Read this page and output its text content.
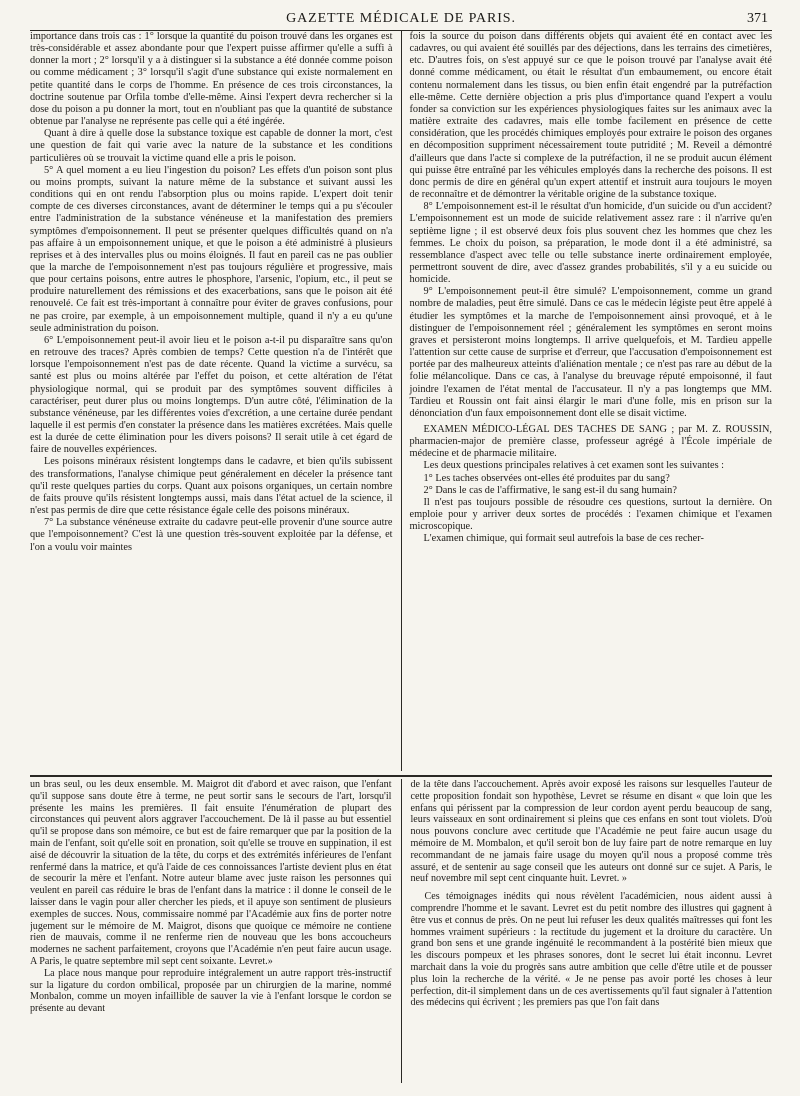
GAZETTE MÉDICALE DE PARIS.	371

importance dans trois cas : 1° lorsque la quantité du poison trouvé dans les organes est très-considérable et assez abondante pour que l'expert puisse affirmer qu'elle a suffi à donner la mort ; 2° lorsqu'il y a à distinguer si la substance a été donnée comme poison ou comme médicament ; 3° lorsqu'il s'agit d'une substance qui existe normalement en petite quantité dans le corps de l'homme. En présence de ces trois circonstances, la doctrine soutenue par Orfila tombe d'elle-même. Ainsi l'expert devra rechercher si la dose du poison a pu donner la mort, tout en n'oubliant pas que la quantité de substance obtenue par l'analyse ne représente pas celle qui a été ingérée.

Quant à dire à quelle dose la substance toxique est capable de donner la mort, c'est une question de fait qui varie avec la nature de la substance et les conditions particulières où se trouvait la victime quand elle a pris le poison.

5° A quel moment a eu lieu l'ingestion du poison? Les effets d'un poison sont plus ou moins prompts, suivant la nature même de la substance et suivant aussi les conditions qui en ont rendu l'absorption plus ou moins rapide. L'expert doit tenir compte de ces diverses circonstances, avant de déterminer le temps qui a pu s'écouler entre l'administration de la substance vénéneuse et la manifestation des premiers symptômes d'empoisonnement. Il peut se présenter quelques difficultés quand on n'a pas affaire à un empoisonnement unique, et que le poison a été administré à plusieurs reprises et à des intervalles plus ou moins éloignés. Il faut en pareil cas ne pas oublier que la marche de l'empoisonnement n'est pas toujours régulière et progressive, mais que pour certains poisons, entre autres le phosphore, l'arsenic, l'opium, etc., il peut se produire naturellement des rémissions et des exacerbations, sans que le poison ait été renouvelé. Ce fait est très-important à connaître pour éviter de graves confusions, pour ne pas croire, par exemple, à un empoisonnement multiple, quand il n'y a eu qu'une seule administration du poison.

6° L'empoisonnement peut-il avoir lieu et le poison a-t-il pu disparaître sans qu'on en retrouve des traces? Après combien de temps? Cette question n'a de l'intérêt que lorsque l'empoisonnement n'est pas de date récente. Quand la victime a survécu, sa santé est plus ou moins altérée par l'effet du poison, et cette altération de l'état physiologique normal, qui se produit par des symptômes souvent difficiles à caractériser, peut durer plus ou moins longtemps. D'un autre côté, l'élimination de la substance vénéneuse, par les différentes voies d'excrétion, a une certaine durée pendant laquelle il est permis d'en constater la présence dans les matières excrétées. Mais quelle est la durée de cette élimination pour les divers poisons? Il serait utile à cet égard de faire de nouvelles expériences.

Les poisons minéraux résistent longtemps dans le cadavre, et bien qu'ils subissent des transformations, l'analyse chimique peut généralement en déceler la présence tant qu'il reste quelques parties du corps. Quant aux poisons organiques, un certain nombre de faits prouve qu'ils résistent longtemps aussi, mais dans l'état actuel de la science, il n'est pas permis de dire que cette résistance égale celle des poisons minéraux.

7° La substance vénéneuse extraite du cadavre peut-elle provenir d'une source autre que l'empoisonnement? C'est là une question très-souvent exploitée par la défense, et l'on a voulu voir maintes

fois la source du poison dans différents objets qui avaient été en contact avec les cadavres, ou qui avaient été souillés par des déjections, dans les terrains des cimetières, etc. D'autres fois, on s'est appuyé sur ce que le poison trouvé par l'analyse avait été donné comme médicament, ou était le résultat d'un embaumement, ou encore était contenu normalement dans les tissus, ou bien enfin était engendré par la putréfaction elle-même. Cette dernière objection a pris plus d'importance quand l'expert a voulu fonder sa conviction sur les expériences physiologiques faites sur les animaux avec la matière extraite des cadavres, mais elle tombe facilement en présence de cette considération, que les procédés chimiques employés pour extraire le poison des organes en décomposition suppriment nécessairement toute putridité ; M. Reveil a démontré d'ailleurs que dans l'acte si complexe de la putréfaction, il ne se produit aucun élément qui puisse être entraîné par les véhicules employés dans la recherche des poisons. Il est donc permis de dire en général qu'un expert attentif et instruit aura toujours le moyen de reconnaître et de démontrer la véritable origine de la substance toxique.

8° L'empoisonnement est-il le résultat d'un homicide, d'un suicide ou d'un accident? L'empoisonnement est un mode de suicide relativement assez rare : il n'arrive qu'en septième ligne ; il est observé deux fois plus souvent chez les hommes que chez les femmes. Le choix du poison, sa préparation, le mode dont il a été administré, sa ressemblance d'aspect avec telle ou telle substance inerte ordinairement employée, permettront souvent de dire, avec d'assez grandes probabilités, s'il y a eu suicide ou homicide.

9° L'empoisonnement peut-il être simulé? L'empoisonnement, comme un grand nombre de maladies, peut être simulé. Dans ce cas le médecin légiste peut être appelé à étudier les symptômes et la marche de l'empoisonnement ainsi provoqué, et à le distinguer de l'empoisonnement réel ; généralement les symptômes en seront moins graves et persisteront moins longtemps. Il arrive quelquefois, et M. Tardieu appelle l'attention sur cette cause de surprise et d'erreur, que l'accusation d'empoisonnement est portée par des malheureux atteints d'aliénation mentale ; ce n'est pas rare au début de la folie mélancolique. Dans ce cas, à l'analyse du breuvage réputé empoisonné, il faut joindre l'examen de l'état mental de l'accusateur. Il n'y a pas longtemps que MM. Tardieu et Roussin ont fait ainsi élargir le mari d'une folle, mis en prison sur la dénonciation d'un faux empoisonnement dont elle se disait victime.

EXAMEN MÉDICO-LÉGAL DES TACHES DE SANG ; par M. Z. ROUSSIN, pharmacien-major de première classe, professeur agrégé à l'École impériale de médecine et de pharmacie militaire.

Les deux questions principales relatives à cet examen sont les suivantes :

1° Les taches observées ont-elles été produites par du sang?

2° Dans le cas de l'affirmative, le sang est-il du sang humain?

Il n'est pas toujours possible de résoudre ces questions, surtout la dernière. On emploie pour y arriver deux sortes de procédés : l'examen chimique et l'examen microscopique.

L'examen chimique, qui formait seul autrefois la base de ces recher-

un bras seul, ou les deux ensemble. M. Maigrot dit d'abord et avec raison, que l'enfant qu'il suppose sans doute être à terme, ne peut sortir sans le secours de l'art, lorsqu'il présente les mains les premières. Il fait ensuite l'énumération de plupart des circonstances qui peuvent alors aggraver l'accouchement. De là il passe au but essentiel qu'il se propose dans son mémoire, ce but est de faire remarquer que par la position de la main de l'enfant, soit qu'elle soit en pronation, soit qu'elle se trouve en suppination, il est aisé de découvrir la situation de la tête, du corps et des extrémités inférieures de l'enfant renfermé dans la matrice, et qu'à l'aide de ces connoissances l'artiste devient plus en état de secourir la mère et l'enfant. Notre auteur blame avec juste raison les personnes qui veulent en pareil cas réduire le bras de l'enfant dans la matrice : il donne le conseil de le laisser dans le vagin pour aller chercher les pieds, et il apuye son sentiment de plusieurs exemples de succes. Nous, commissaire nommé par l'Académie aux fins de porter notre jugement sur le mémoire de M. Maigrot, disons que quoique ce mémoire ne contiene rien de mauvais, comme il ne renferme rien de nouveau que les bons accoucheurs modernes ne sachent parfaitement, croyons que l'Académie n'en peut faire aucun usage. A Paris, le quatre septembre mil sept cent soixante. Levret.»

La place nous manque pour reproduire intégralement un autre rapport très-instructif sur la ligature du cordon ombilical, proposée par un chirurgien de la marine, nommé Monbalon, comme un moyen infaillible de sauver la vie à l'enfant lorsque le cordon se présente au devant

de la tête dans l'accouchement. Après avoir exposé les raisons sur lesquelles l'auteur de cette proposition fondait son hypothèse, Levret se résume en disant « que loin que les enfans qui périssent par la compression de leur cordon ayent perdu beaucoup de sang, leurs vaisseaux en sont ordinairement si pleins que ces enfans en sont tout violets. D'où nous pouvons conclure avec certitude que l'Académie ne peut faire aucun usage du mémoire de M. Mombalon, et qu'il seroit bon de luy faire part de notre remarque en luy recommandant de ne jamais faire usage du moyen qu'il nous a proposé comme très assuré, et de sentenir au sage conseil que les auteurs ont donné sur ce sujet. A Paris, le neuf novembre mil sept cent cinquante huit. Levret. »

Ces témoignages inédits qui nous révèlent l'académicien, nous aident aussi à comprendre l'homme et le savant. Levret est du petit nombre des illustres qui gagnent à être vus et connus de près. On ne peut lui refuser les deux qualités maîtresses qui font les hommes vraiment supérieurs : la rectitude du jugement et la droiture du caractère. Un grand bon sens et une grande ingénuité le recommandent à la postérité bien mieux que les discours pompeux et les phrases sonores, dont le secret lui était inconnu. Levret marchait dans la voie du progrès sans autre ambition que celle d'être utile et de pousser plus loin la recherche de la vérité. « Je ne pense pas avoir porté les choses à leur perfection, dit-il simplement dans un de ces avertissements qu'il faut signaler à l'attention des médecins qui écrivent ; les premiers pas que l'on fait dans
